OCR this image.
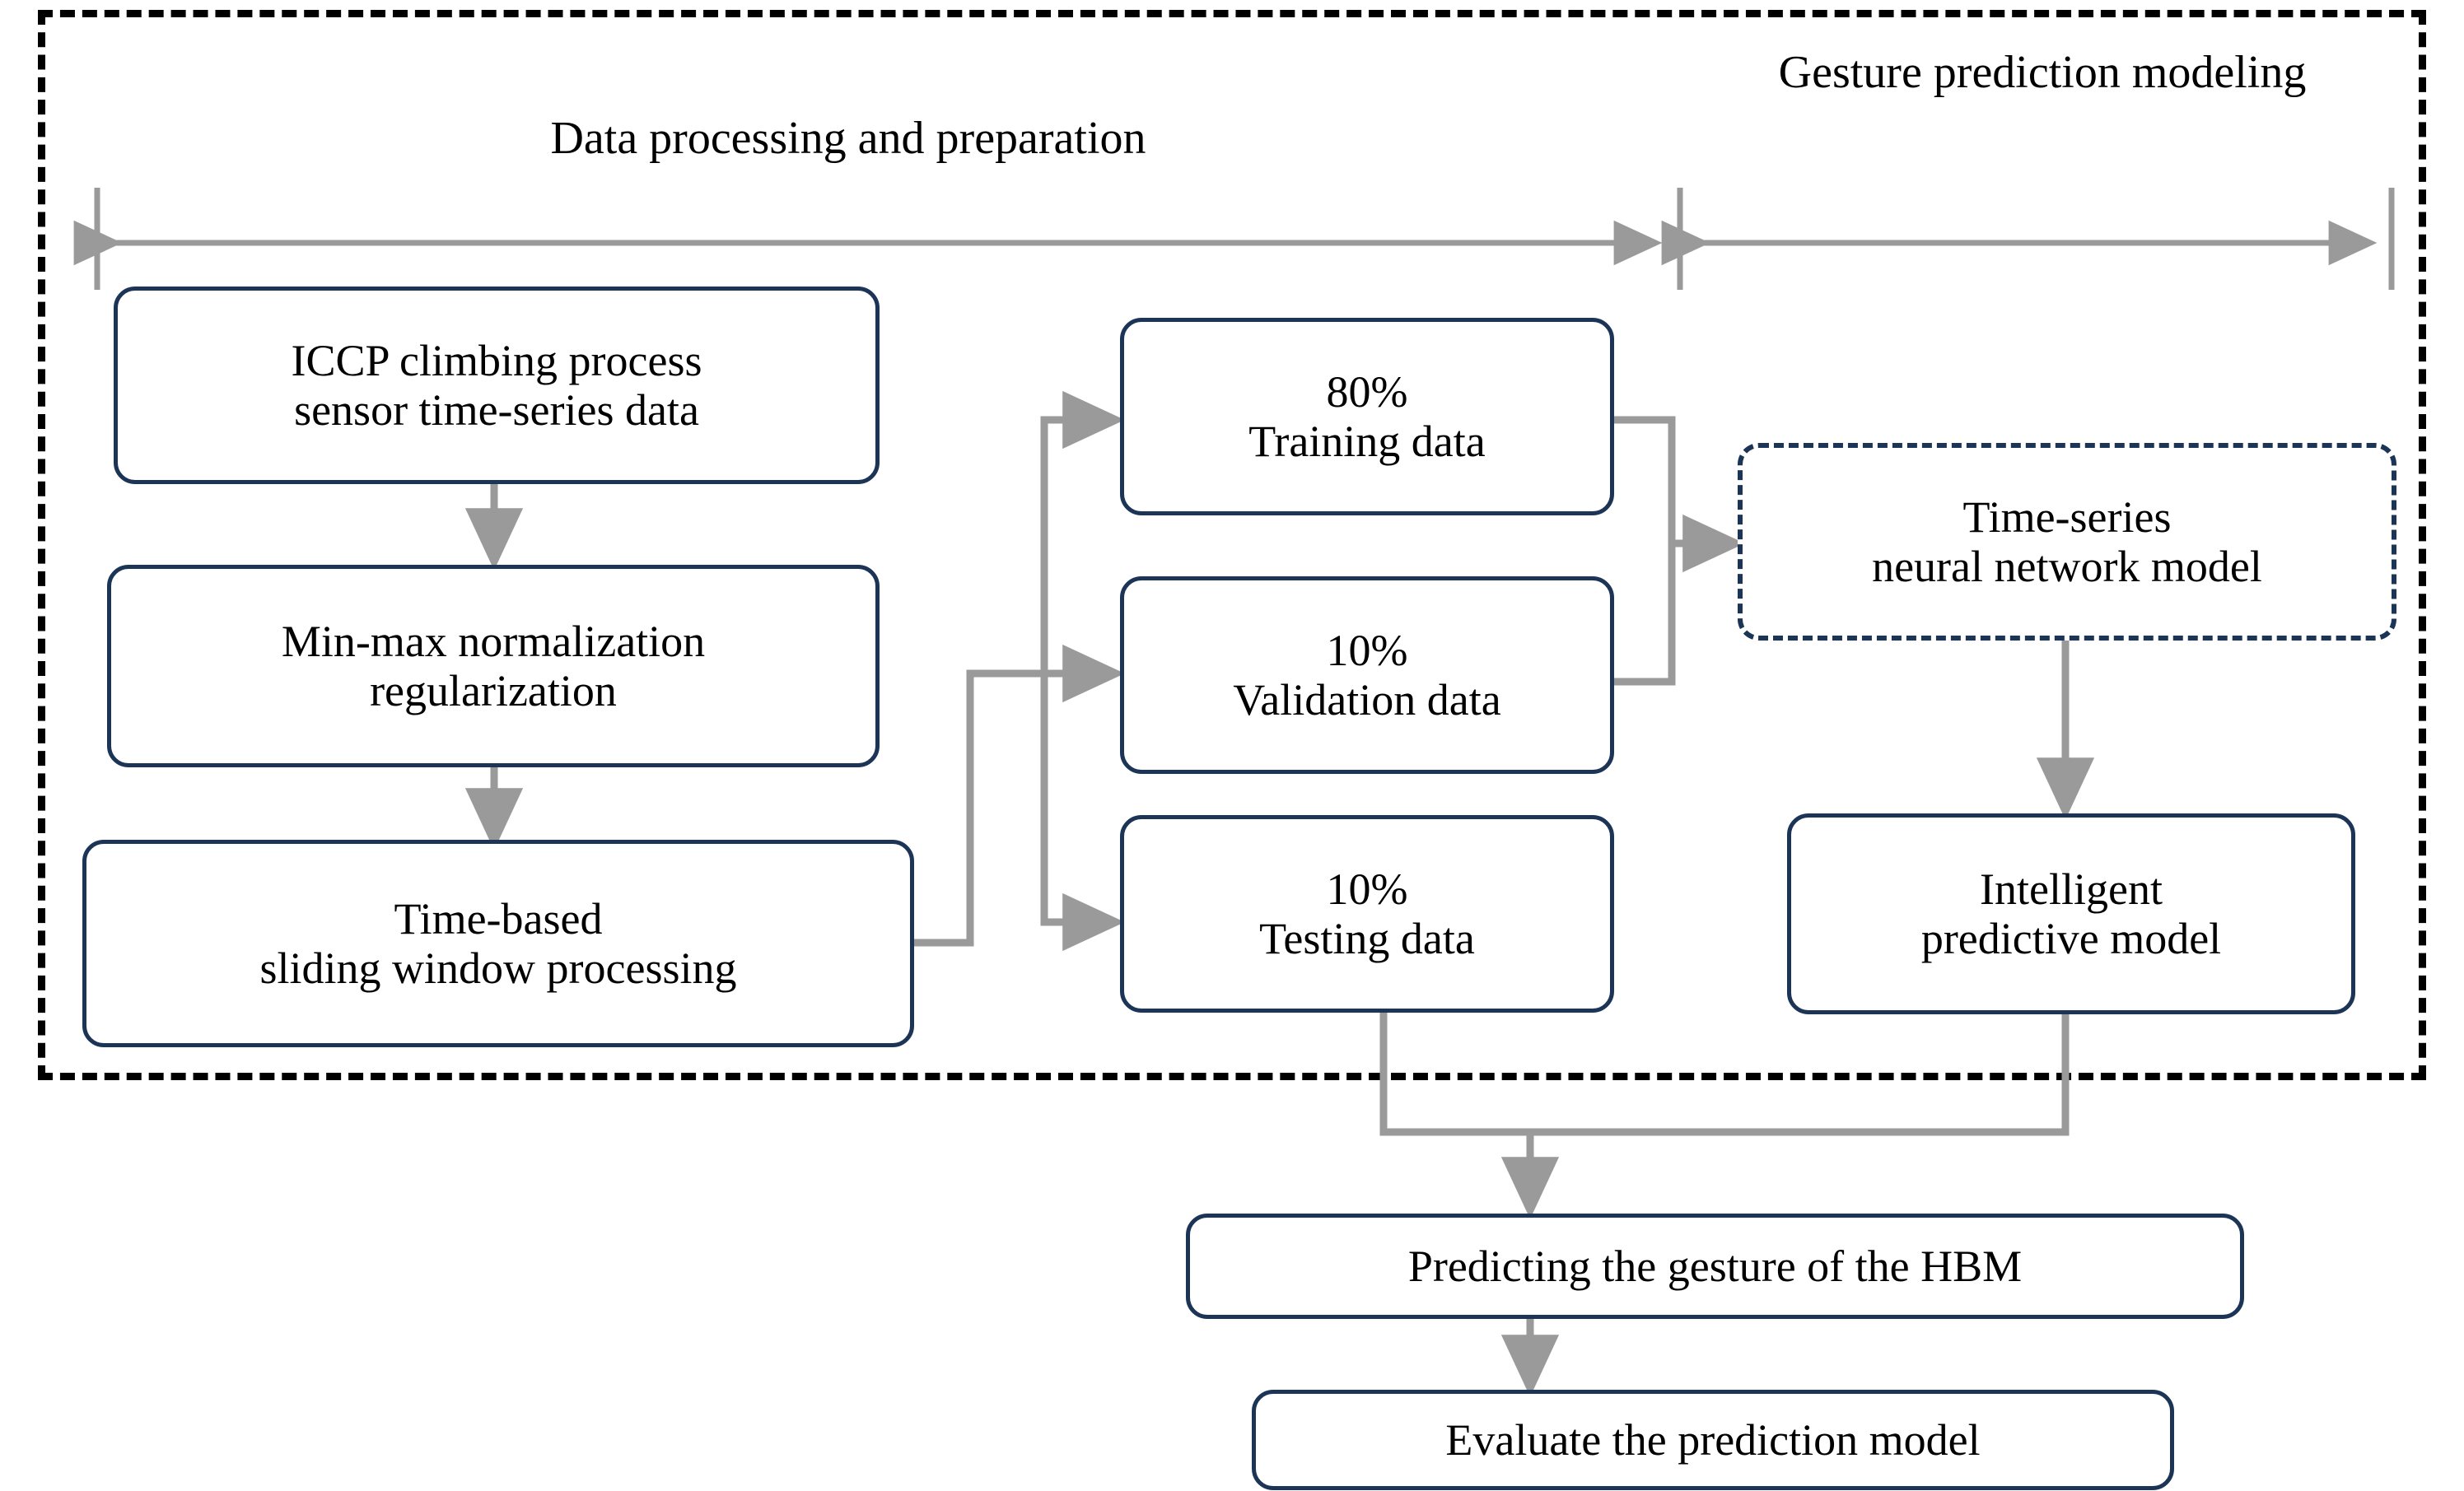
Data processing and preparation
Gesture prediction modeling
ICCP climbing process
sensor time-series data
Min-max normalization
regularization
Time-based
sliding window processing
80%
Training data
10%
Validation data
10%
Testing data
Time-series
neural network model
Intelligent
predictive model
Predicting the gesture of the HBM
Evaluate the prediction model
